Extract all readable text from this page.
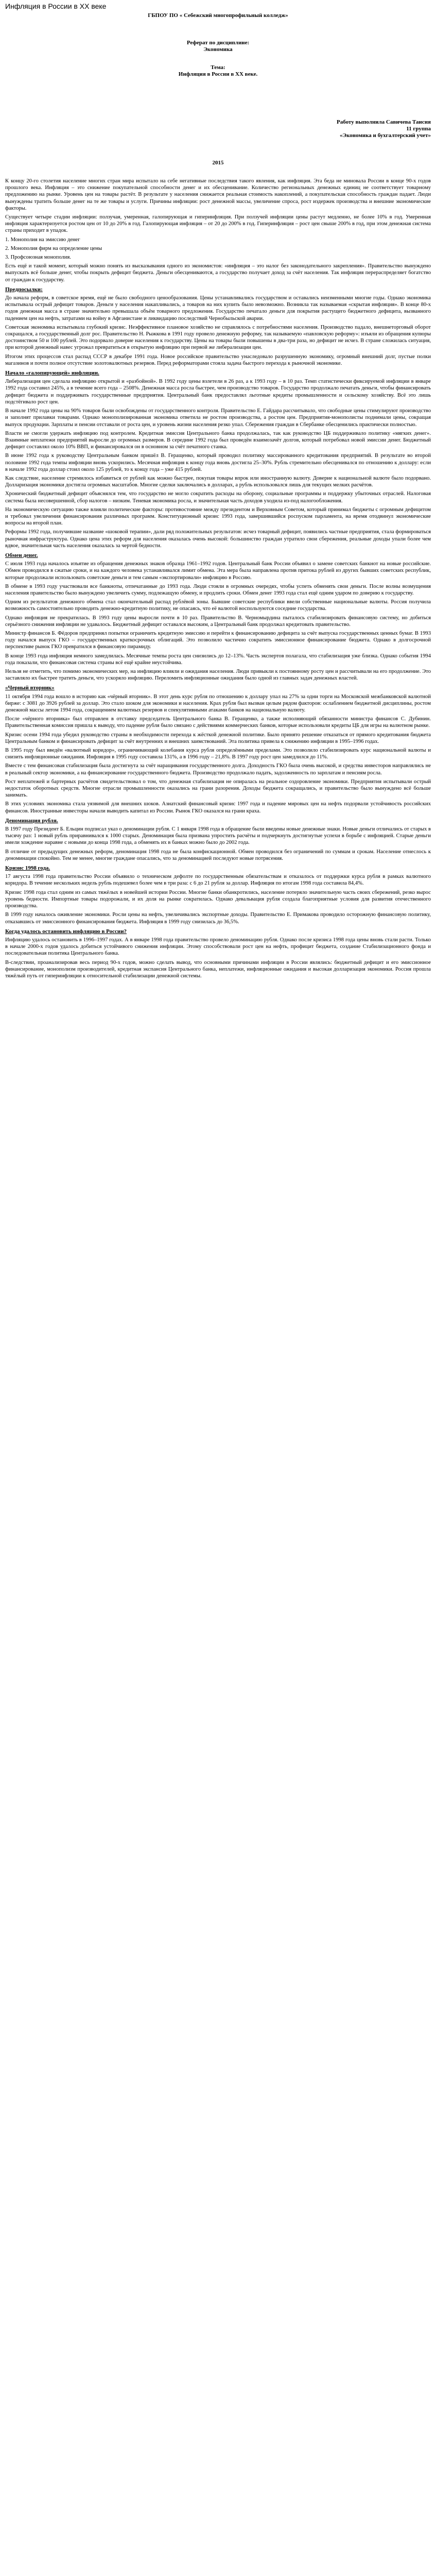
Инфляция в России в XX веке
ГБПОУ ПО « Себежский многопрофильный колледж»
Реферат по дисциплине:
Экономика
Тема:
Инфляция в России в XX веке.
Работу выполнила Савичева Таисия
11 группа
«Экономика и бухгалтерский учет»
2015

К концу 20-го столетия население многих стран мира испытало на себе негативные последствия такого явления, как инфляция. Эта беда не миновала России в конце 90-х годов прошлого века. Инфляция – это снижение покупательной способности денег и их обесценивание. Количество региональных денежных единиц не соответствует товарному предложению на рынке. Уровень цен на товары растёт. В результате у населения снижается реальная стоимость накоплений, а покупательская способность граждан падает. Люди вынуждены тратить больше денег на те же товары и услуги. Причины инфляции: рост денежной массы, увеличение спроса, рост издержек производства и внешние экономические факторы.

Существует четыре стадии инфляции: ползучая, умеренная, галопирующая и гиперинфляция. При ползучей инфляции цены растут медленно, не более 10% в год. Умеренная инфляция характеризуется ростом цен от 10 до 20% в год. Галопирующая инфляция – от 20 до 200% в год. Гиперинфляция – рост цен свыше 200% в год, при этом денежная система страны приходит в упадок.

1. Монополия на эмиссию денег

2. Монополия фирм на определение цены

3. Профсоюзная монополия.

Есть ещё и такой момент, который можно понять из высказывания одного из экономистов: «инфляция – это налог без законодательного закрепления». Правительство вынуждено выпускать всё больше денег, чтобы покрыть дефицит бюджета. Деньги обесцениваются, а государство получает доход за счёт населения. Так инфляция перераспределяет богатство от граждан к государству.

Предпосылки:

До начала реформ, в советское время, ещё не было свободного ценообразования. Цены устанавливались государством и оставались неизменными многие годы. Однако экономика испытывала острый дефицит товаров. Деньги у населения накапливались, а товаров на них купить было невозможно. Возникла так называемая «скрытая инфляция». В конце 80-х годов денежная масса в стране значительно превышала объём товарного предложения. Государство печатало деньги для покрытия растущего бюджетного дефицита, вызванного падением цен на нефть, затратами на войну в Афганистане и ликвидацию последствий Чернобыльской аварии.

Советская экономика испытывала глубокий кризис. Неэффективное плановое хозяйство не справлялось с потребностями населения. Производство падало, внешнеторговый оборот сокращался, а государственный долг рос. Правительство Н. Рыжкова в 1991 году провело денежную реформу, так называемую «павловскую реформу»: изъяли из обращения купюры достоинством 50 и 100 рублей. Это подорвало доверие населения к государству. Цены на товары были повышены в два-три раза, но дефицит не исчез. В стране сложилась ситуация, при которой денежный навес угрожал превратиться в открытую инфляцию при первой же либерализации цен.

Итогом этих процессов стал распад СССР в декабре 1991 года. Новое российское правительство унаследовало разрушенную экономику, огромный внешний долг, пустые полки магазинов и почти полное отсутствие золотовалютных резервов. Перед реформаторами стояла задача быстрого перехода к рыночной экономике.

Начало «галопирующей» инфляции.

Либерализация цен сделала инфляцию открытой и «разбойной». В 1992 году цены взлетели в 26 раз, а к 1993 году – в 10 раз. Темп статистически фиксируемой инфляции в январе 1992 года составил 245%, а в течение всего года – 2508%. Денежная масса росла быстрее, чем производство товаров. Государство продолжало печатать деньги, чтобы финансировать дефицит бюджета и поддерживать государственные предприятия. Центральный банк предоставлял льготные кредиты промышленности и сельскому хозяйству. Всё это лишь подстёгивало рост цен.

В начале 1992 года цены на 90% товаров были освобождены от государственного контроля. Правительство Е. Гайдара рассчитывало, что свободные цены стимулируют производство и заполнят прилавки товарами. Однако монополизированная экономика ответила не ростом производства, а ростом цен. Предприятия-монополисты поднимали цены, сокращая выпуск продукции. Зарплаты и пенсии отставали от роста цен, и уровень жизни населения резко упал. Сбережения граждан в Сбербанке обесценились практически полностью.

Власти не смогли удержать инфляцию под контролем. Кредитная эмиссия Центрального банка продолжалась, так как руководство ЦБ поддерживало политику «мягких денег». Взаимные неплатежи предприятий выросли до огромных размеров. В середине 1992 года был проведён взаимозачёт долгов, который потребовал новой эмиссии денег. Бюджетный дефицит составлял около 10% ВВП, и финансировался он в основном за счёт печатного станка.

В июне 1992 года к руководству Центральным банком пришёл В. Геращенко, который проводил политику массированного кредитования предприятий. В результате во второй половине 1992 года темпы инфляции вновь ускорились. Месячная инфляция к концу года вновь достигла 25–30%. Рубль стремительно обесценивался по отношению к доллару: если в начале 1992 года доллар стоил около 125 рублей, то к концу года – уже 415 рублей.

Как следствие, население стремилось избавиться от рублей как можно быстрее, покупая товары впрок или иностранную валюту. Доверие к национальной валюте было подорвано. Долларизация экономики достигла огромных масштабов. Многие сделки заключались в долларах, а рубль использовался лишь для текущих мелких расчётов.

Хронический бюджетный дефицит объяснялся тем, что государство не могло сократить расходы на оборону, социальные программы и поддержку убыточных отраслей. Налоговая система была несовершенной, сбор налогов – низким. Теневая экономика росла, и значительная часть доходов уходила из-под налогообложения.

На экономическую ситуацию также влияли политические факторы: противостояние между президентом и Верховным Советом, который принимал бюджеты с огромным дефицитом и требовал увеличения финансирования различных программ. Конституционный кризис 1993 года, завершившийся роспуском парламента, на время отодвинул экономические вопросы на второй план.

Реформы 1992 года, получившие название «шоковой терапии», дали ряд положительных результатов: исчез товарный дефицит, появились частные предприятия, стала формироваться рыночная инфраструктура. Однако цена этих реформ для населения оказалась очень высокой: большинство граждан утратило свои сбережения, реальные доходы упали более чем вдвое, значительная часть населения оказалась за чертой бедности.

Обмен денег.

С июля 1993 года началось изъятие из обращения денежных знаков образца 1961–1992 годов. Центральный банк России объявил о замене советских банкнот на новые российские. Обмен проводился в сжатые сроки, и на каждого человека устанавливался лимит обмена. Эта мера была направлена против притока рублей из других бывших советских республик, которые продолжали использовать советские деньги и тем самым «экспортировали» инфляцию в Россию.

В обмене в 1993 году участвовали все банкноты, отпечатанные до 1993 года. Люди стояли в огромных очередях, чтобы успеть обменять свои деньги. После волны возмущения населения правительство было вынуждено увеличить сумму, подлежащую обмену, и продлить сроки. Обмен денег 1993 года стал ещё одним ударом по доверию к государству.

Одним из результатов денежного обмена стал окончательный распад рублёвой зоны. Бывшие советские республики ввели собственные национальные валюты. Россия получила возможность самостоятельно проводить денежно-кредитную политику, не опасаясь, что её валютой воспользуются соседние государства.

Однако инфляция не прекратилась. В 1993 году цены выросли почти в 10 раз. Правительство В. Черномырдина пыталось стабилизировать финансовую систему, но добиться серьёзного снижения инфляции не удавалось. Бюджетный дефицит оставался высоким, а Центральный банк продолжал кредитовать правительство.

Министр финансов Б. Фёдоров предпринял попытки ограничить кредитную эмиссию и перейти к финансированию дефицита за счёт выпуска государственных ценных бумаг. В 1993 году начался выпуск ГКО – государственных краткосрочных облигаций. Это позволило частично сократить эмиссионное финансирование бюджета. Однако в долгосрочной перспективе рынок ГКО превратился в финансовую пирамиду.

В конце 1993 года инфляция немного замедлилась. Месячные темпы роста цен снизились до 12–13%. Часть экспертов полагала, что стабилизация уже близка. Однако события 1994 года показали, что финансовая система страны всё ещё крайне неустойчива.

Нельзя не отметить, что помимо экономических мер, на инфляцию влияли и ожидания населения. Люди привыкли к постоянному росту цен и рассчитывали на его продолжение. Это заставляло их быстрее тратить деньги, что ускоряло инфляцию. Переломить инфляционные ожидания было одной из главных задач денежных властей.

«Черный вторник»

11 октября 1994 года вошло в историю как «чёрный вторник». В этот день курс рубля по отношению к доллару упал на 27% за одни торги на Московской межбанковской валютной бирже: с 3081 до 3926 рублей за доллар. Это стало шоком для экономики и населения. Крах рубля был вызван целым рядом факторов: ослаблением бюджетной дисциплины, ростом денежной массы летом 1994 года, сокращением валютных резервов и спекулятивными атаками банков на национальную валюту.

После «чёрного вторника» был отправлен в отставку председатель Центрального банка В. Геращенко, а также исполняющий обязанности министра финансов С. Дубинин. Правительственная комиссия пришла к выводу, что падение рубля было связано с действиями коммерческих банков, которые использовали кредиты ЦБ для игры на валютном рынке.

Кризис осени 1994 года убедил руководство страны в необходимости перехода к жёсткой денежной политике. Было принято решение отказаться от прямого кредитования бюджета Центральным банком и финансировать дефицит за счёт внутренних и внешних заимствований. Эта политика привела к снижению инфляции в 1995–1996 годах.

В 1995 году был введён «валютный коридор», ограничивающий колебания курса рубля определёнными пределами. Это позволило стабилизировать курс национальной валюты и снизить инфляционные ожидания. Инфляция в 1995 году составила 131%, а в 1996 году – 21,8%. В 1997 году рост цен замедлился до 11%.

Вместе с тем финансовая стабилизация была достигнута за счёт наращивания государственного долга. Доходность ГКО была очень высокой, и средства инвесторов направлялись не в реальный сектор экономики, а на финансирование государственного бюджета. Производство продолжало падать, задолженность по зарплатам и пенсиям росла.

Рост неплатежей и бартерных расчётов свидетельствовал о том, что денежная стабилизация не опиралась на реальное оздоровление экономики. Предприятия испытывали острый недостаток оборотных средств. Многие отрасли промышленности оказались на грани разорения. Доходы бюджета сокращались, и правительство было вынуждено всё больше занимать.

В этих условиях экономика стала уязвимой для внешних шоков. Азиатский финансовый кризис 1997 года и падение мировых цен на нефть подорвали устойчивость российских финансов. Иностранные инвесторы начали выводить капитал из России. Рынок ГКО оказался на грани краха.

Деноминация рубля.

В 1997 году Президент Б. Ельцин подписал указ о деноминации рубля. С 1 января 1998 года в обращение были введены новые денежные знаки. Новые деньги отличались от старых в тысячу раз: 1 новый рубль приравнивался к 1000 старых. Деноминация была призвана упростить расчёты и подчеркнуть достигнутые успехи в борьбе с инфляцией. Старые деньги имели хождение наравне с новыми до конца 1998 года, а обменять их в банках можно было до 2002 года.

В отличие от предыдущих денежных реформ, деноминация 1998 года не была конфискационной. Обмен проводился без ограничений по суммам и срокам. Население отнеслось к деноминации спокойно. Тем не менее, многие граждане опасались, что за деноминацией последуют новые потрясения.

Кризис 1998 года.

17 августа 1998 года правительство России объявило о техническом дефолте по государственным обязательствам и отказалось от поддержки курса рубля в рамках валютного коридора. В течение нескольких недель рубль подешевел более чем в три раза: с 6 до 21 рубля за доллар. Инфляция по итогам 1998 года составила 84,4%.

Кризис 1998 года стал одним из самых тяжёлых в новейшей истории России. Многие банки обанкротились, население потеряло значительную часть своих сбережений, резко вырос уровень бедности. Импортные товары подорожали, и их доля на рынке сократилась. Однако девальвация рубля создала благоприятные условия для развития отечественного производства.

В 1999 году началось оживление экономики. Росли цены на нефть, увеличивались экспортные доходы. Правительство Е. Примакова проводило осторожную финансовую политику, отказавшись от эмиссионного финансирования бюджета. Инфляция в 1999 году снизилась до 36,5%.

Когда удалось остановить инфляцию в России?

Инфляцию удалось остановить в 1996–1997 годах. А в январе 1998 года правительство провело деноминацию рубля. Однако после кризиса 1998 года цены вновь стали расти. Только в начале 2000-х годов удалось добиться устойчивого снижения инфляции. Этому способствовали рост цен на нефть, профицит бюджета, создание Стабилизационного фонда и последовательная политика Центрального банка.

В-следствии, проанализировав весь период 90-х годов, можно сделать вывод, что основными причинами инфляции в России являлись: бюджетный дефицит и его эмиссионное финансирование, монополизм производителей, кредитная экспансия Центрального банка, неплатежи, инфляционные ожидания и высокая долларизация экономики. Россия прошла тяжёлый путь от гиперинфляции к относительной стабилизации денежной системы.
